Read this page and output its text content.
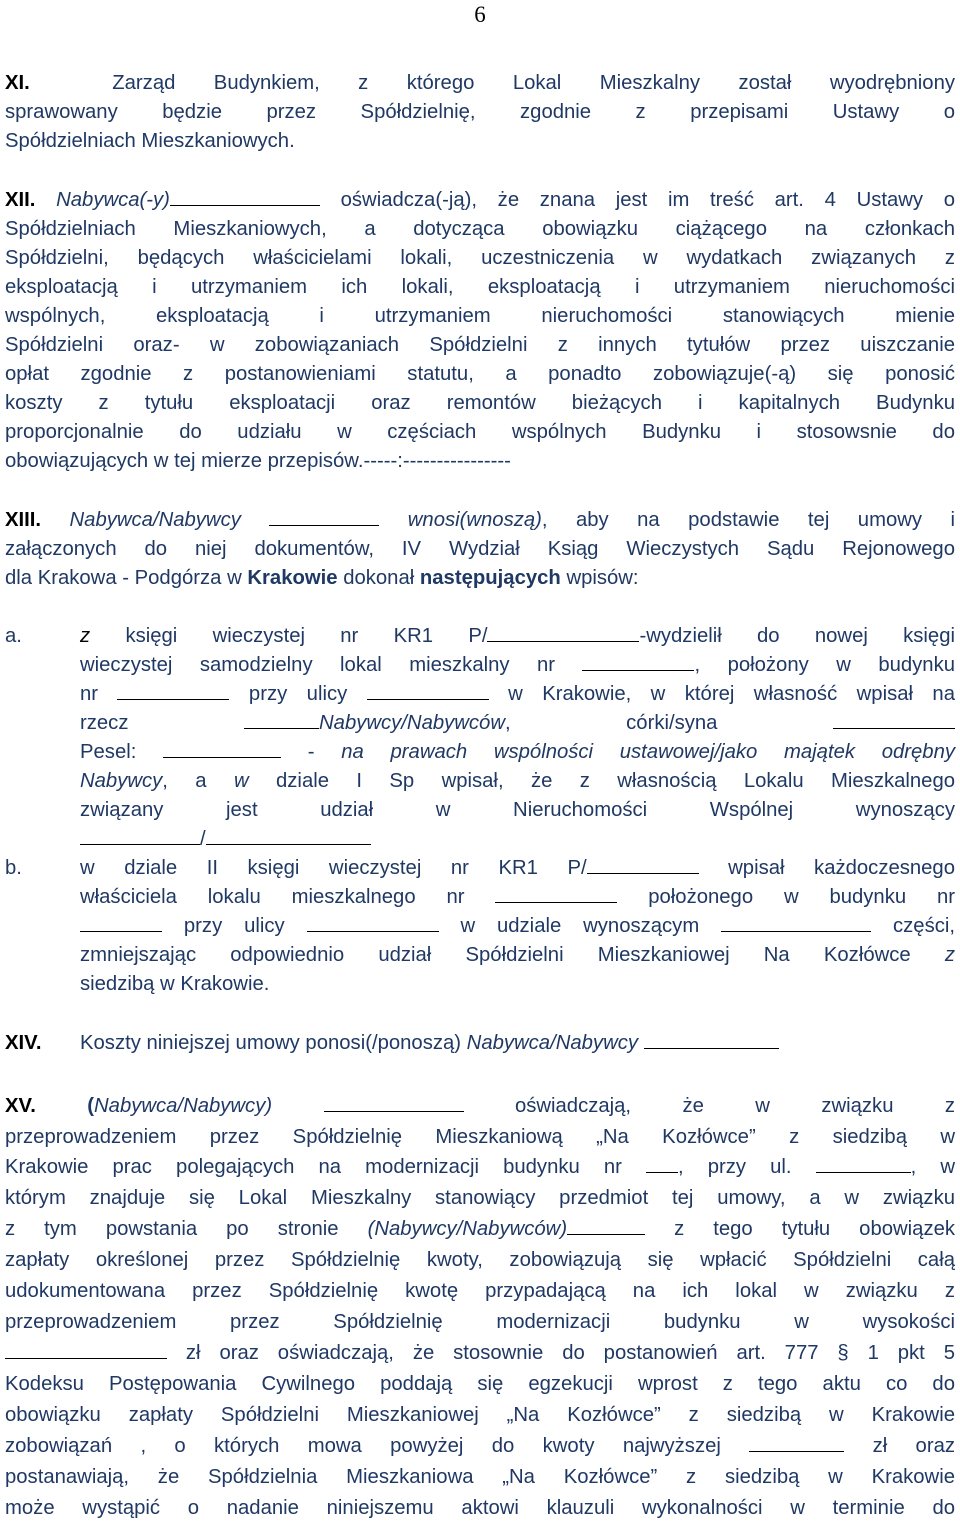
6
XI.	Zarząd Budynkiem, z którego Lokal Mieszkalny został wyodrębniony
sprawowany będzie przez Spółdzielnię, zgodnie z przepisami Ustawy o
Spółdzielniach Mieszkaniowych.
XII. Nabywca(-y)	oświadcza(-ją), że znana jest im treść art. 4 Ustawy o
Spółdzielniach Mieszkaniowych, a dotycząca obowiązku ciążącego na członkach
Spółdzielni, będących właścicielami lokali, uczestniczenia w wydatkach związanych z
eksploatacją i utrzymaniem ich lokali, eksploatacją i utrzymaniem nieruchomości
wspólnych, eksploatacją i utrzymaniem nieruchomości stanowiących mienie
Spółdzielni oraz- w zobowiązaniach Spółdzielni z innych tytułów przez uiszczanie
opłat zgodnie z postanowieniami statutu, a ponadto zobowiązuje(-ą) się ponosić
koszty z tytułu eksploatacji oraz remontów bieżących i kapitalnych Budynku
proporcjonalnie do udziału w częściach wspólnych Budynku i stosowsnie do
obowiązujących w tej mierze przepisów.-----:----------------
XIII. Nabywca/Nabywcy	wnosi(wnoszą), aby na podstawie tej umowy i
załączonych do niej dokumentów, IV Wydział Ksiąg Wieczystych Sądu Rejonowego
dla Krakowa - Podgórza w Krakowie dokonał następujących wpisów:
a.	z księgi wieczystej nr KR1 P/	-wydzielił do nowej księgi
wieczystej samodzielny lokal mieszkalny nr	, położony w budynku
nr	przy ulicy	w Krakowie, w której własność wpisał na
rzecz	Nabywcy/Nabywców, córki/syna
Pesel:	- na prawach wspólności ustawowej/jako majątek odrębny
Nabywcy, a w dziale I Sp wpisał, że z własnością Lokalu Mieszkalnego
związany jest udział w Nieruchomości Wspólnej wynoszący
/
b.	w dziale II księgi wieczystej nr KR1 P/	wpisał każdoczesnego
właściciela lokalu mieszkalnego nr	położonego w budynku nr
przy ulicy	w udziale wynoszącym	części,
zmniejszając odpowiednio udział Spółdzielni Mieszkaniowej Na Kozłówce z
siedzibą w Krakowie.
XIV. Koszty niniejszej umowy ponosi(/ponoszą) Nabywca/Nabywcy
XV.	(Nabywca/Nabywcy)	oświadczają, że w związku z
przeprowadzeniem przez Spółdzielnię Mieszkaniową „Na Kozłówce” z siedzibą w
Krakowie prac polegających na modernizacji budynku nr	, przy ul.	, w
którym znajduje się Lokal Mieszkalny stanowiący przedmiot tej umowy, a w związku
z tym powstania po stronie (Nabywcy/Nabywców)	z tego tytułu obowiązek
zapłaty określonej przez Spółdzielnię kwoty, zobowiązują się wpłacić Spółdzielni całą
udokumentowana przez Spółdzielnię kwotę przypadającą na ich lokal w związku z
przeprowadzeniem przez Spółdzielnię modernizacji budynku w wysokości
zł oraz oświadczają, że stosownie do postanowień art. 777 § 1 pkt 5
Kodeksu Postępowania Cywilnego poddają się egzekucji wprost z tego aktu co do
obowiązku zapłaty Spółdzielni Mieszkaniowej „Na Kozłówce” z siedzibą w Krakowie
zobowiązań , o których mowa powyżej do kwoty najwyższej	zł oraz
postanawiają, że Spółdzielnia Mieszkaniowa „Na Kozłówce” z siedzibą w Krakowie
może wystąpić o nadanie niniejszemu aktowi klauzuli wykonalności w terminie do
